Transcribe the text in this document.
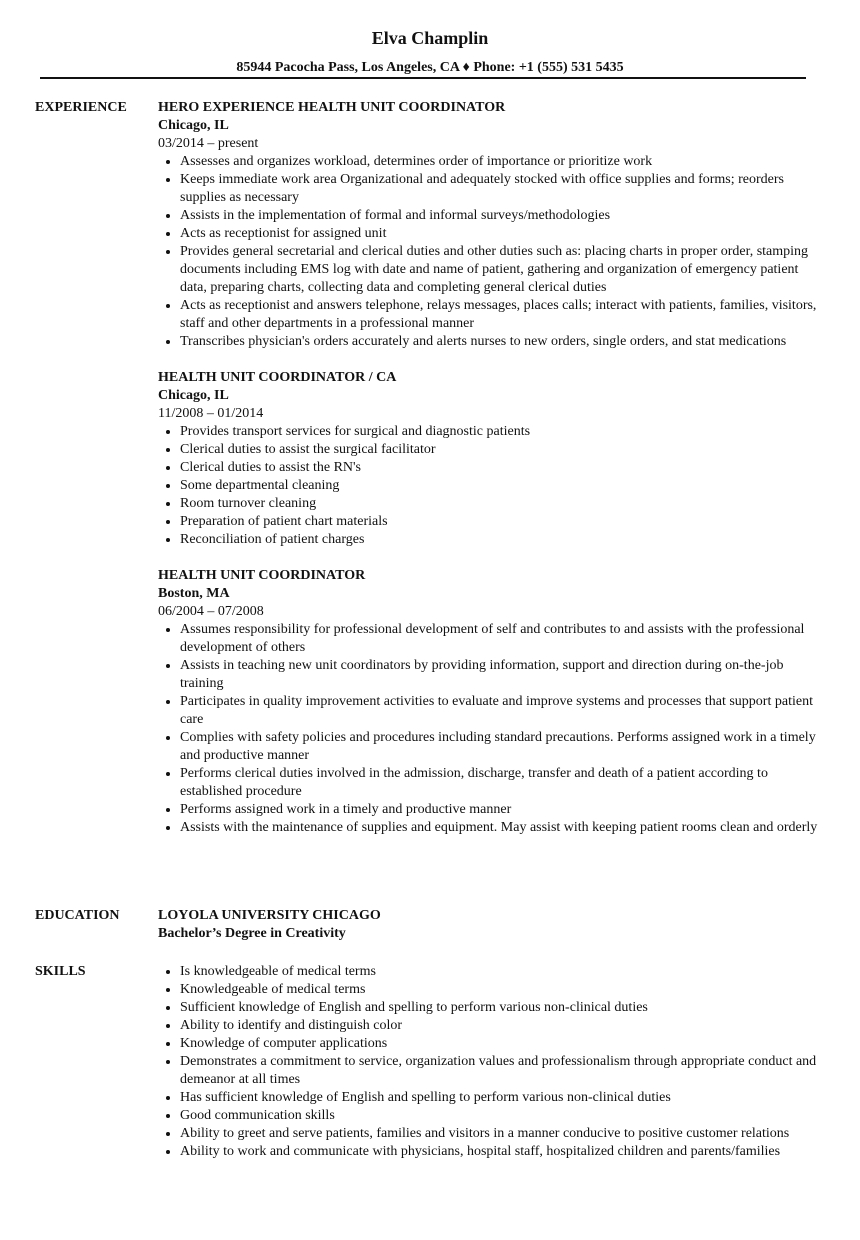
Elva Champlin
85944 Pacocha Pass, Los Angeles, CA ♦ Phone: +1 (555) 531 5435
EXPERIENCE HERO EXPERIENCE HEALTH UNIT COORDINATOR
Chicago, IL
03/2014 – present
• Assesses and organizes workload, determines order of importance or prioritize work
• Keeps immediate work area Organizational and adequately stocked with office supplies and forms; reorders supplies as necessary
• Assists in the implementation of formal and informal surveys/methodologies
• Acts as receptionist for assigned unit
• Provides general secretarial and clerical duties and other duties such as: placing charts in proper order, stamping documents including EMS log with date and name of patient, gathering and organization of emergency patient data, preparing charts, collecting data and completing general clerical duties
• Acts as receptionist and answers telephone, relays messages, places calls; interact with patients, families, visitors, staff and other departments in a professional manner
• Transcribes physician's orders accurately and alerts nurses to new orders, single orders, and stat medications
HEALTH UNIT COORDINATOR / CA
Chicago, IL
11/2008 – 01/2014
• Provides transport services for surgical and diagnostic patients
• Clerical duties to assist the surgical facilitator
• Clerical duties to assist the RN's
• Some departmental cleaning
• Room turnover cleaning
• Preparation of patient chart materials
• Reconciliation of patient charges
HEALTH UNIT COORDINATOR
Boston, MA
06/2004 – 07/2008
• Assumes responsibility for professional development of self and contributes to and assists with the professional development of others
• Assists in teaching new unit coordinators by providing information, support and direction during on-the-job training
• Participates in quality improvement activities to evaluate and improve systems and processes that support patient care
• Complies with safety policies and procedures including standard precautions. Performs assigned work in a timely and productive manner
• Performs clerical duties involved in the admission, discharge, transfer and death of a patient according to established procedure
• Performs assigned work in a timely and productive manner
• Assists with the maintenance of supplies and equipment. May assist with keeping patient rooms clean and orderly
EDUCATION	LOYOLA UNIVERSITY CHICAGO
Bachelor’s Degree in Creativity
SKILLS
•	Is knowledgeable of medical terms
• Knowledgeable of medical terms
• Sufficient knowledge of English and spelling to perform various non-clinical duties
• Ability to identify and distinguish color
• Knowledge of computer applications
• Demonstrates a commitment to service, organization values and professionalism through appropriate conduct and demeanor at all times
• Has sufficient knowledge of English and spelling to perform various non-clinical duties
• Good communication skills
• Ability to greet and serve patients, families and visitors in a manner conducive to positive customer relations
• Ability to work and communicate with physicians, hospital staff, hospitalized children and parents/families
